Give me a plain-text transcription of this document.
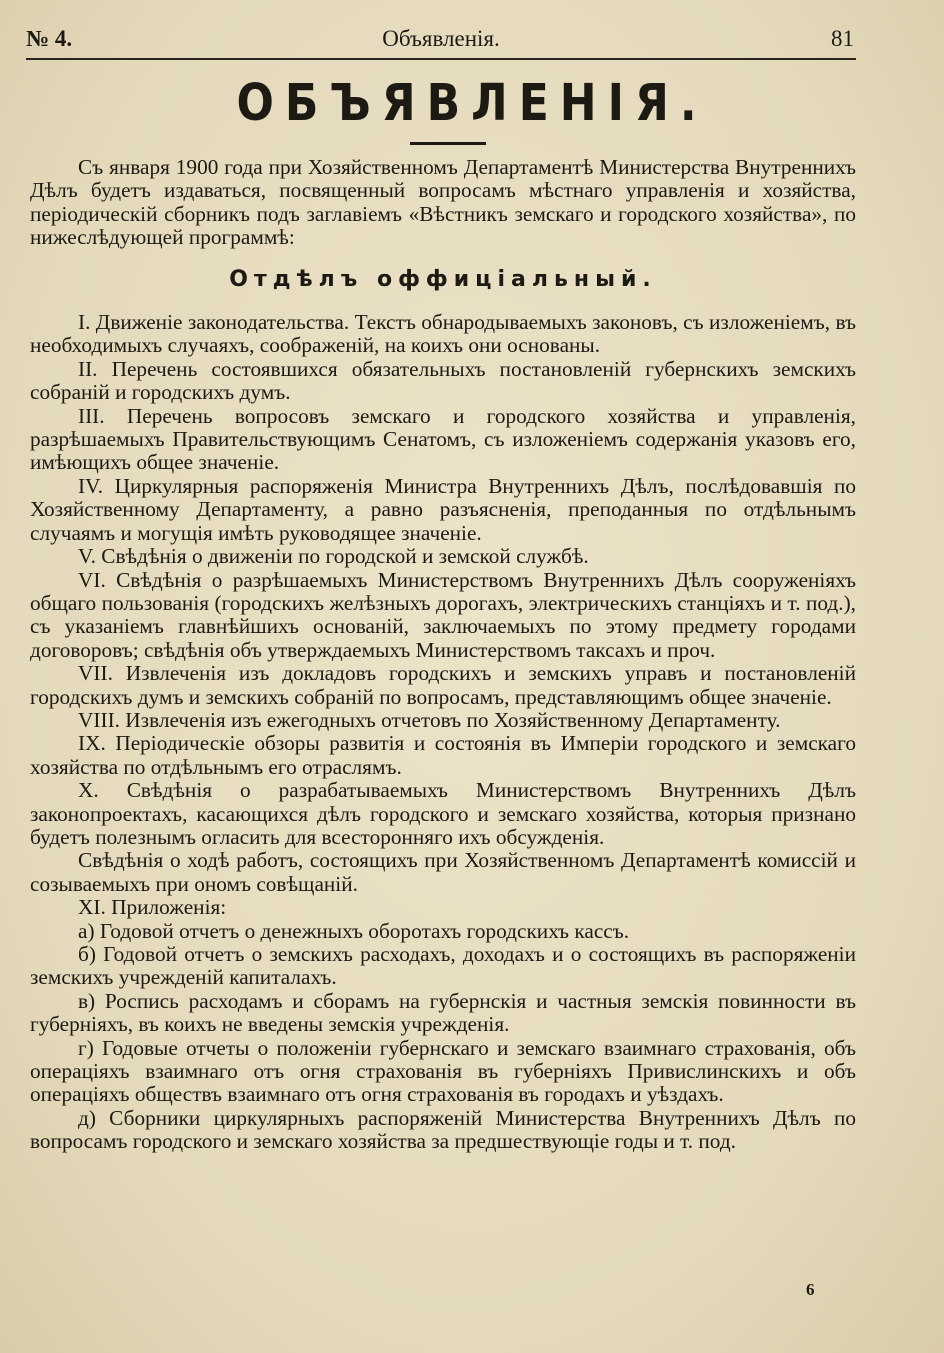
№ 4.	Объявленія.	81
ОБЪЯВЛЕНІЯ.

Съ января 1900 года при Хозяйственномъ Департаментѣ Министерства Внутреннихъ Дѣлъ будетъ издаваться, посвященный вопросамъ мѣстнаго управленія и хозяйства, періодическій сборникъ подъ заглавіемъ «Вѣстникъ земскаго и городского хозяйства», по нижеслѣдующей программѣ:

Отдѣлъ оффиціальный.

I. Движеніе законодательства. Текстъ обнародываемыхъ законовъ, съ изложеніемъ, въ необходимыхъ случаяхъ, соображеній, на коихъ они основаны.

II. Перечень состоявшихся обязательныхъ постановленій губернскихъ земскихъ собраній и городскихъ думъ.

III. Перечень вопросовъ земскаго и городского хозяйства и управленія, разрѣшаемыхъ Правительствующимъ Сенатомъ, съ изложеніемъ содержанія указовъ его, имѣющихъ общее значеніе.

IV. Циркулярныя распоряженія Министра Внутреннихъ Дѣлъ, послѣдовавшія по Хозяйственному Департаменту, а равно разъясненія, преподанныя по отдѣльнымъ случаямъ и могущія имѣть руководящее значеніе.

V. Свѣдѣнія о движеніи по городской и земской службѣ.

VI. Свѣдѣнія о разрѣшаемыхъ Министерствомъ Внутреннихъ Дѣлъ сооруженіяхъ общаго пользованія (городскихъ желѣзныхъ дорогахъ, электрическихъ станціяхъ и т. под.), съ указаніемъ главнѣйшихъ основаній, заключаемыхъ по этому предмету городами договоровъ; свѣдѣнія объ утверждаемыхъ Министерствомъ таксахъ и проч.

VII. Извлеченія изъ докладовъ городскихъ и земскихъ управъ и постановленій городскихъ думъ и земскихъ собраній по вопросамъ, представляющимъ общее значеніе.

VIII. Извлеченія изъ ежегодныхъ отчетовъ по Хозяйственному Департаменту.

IX. Періодическіе обзоры развитія и состоянія въ Имперіи городского и земскаго хозяйства по отдѣльнымъ его отраслямъ.

X. Свѣдѣнія о разрабатываемыхъ Министерствомъ Внутреннихъ Дѣлъ законопроектахъ, касающихся дѣлъ городского и земскаго хозяйства, которыя признано будетъ полезнымъ огласить для всесторонняго ихъ обсужденія.

Свѣдѣнія о ходѣ работъ, состоящихъ при Хозяйственномъ Департаментѣ комиссій и созываемыхъ при ономъ совѣщаній.

XI. Приложенія:

а) Годовой отчетъ о денежныхъ оборотахъ городскихъ кассъ.

б) Годовой отчетъ о земскихъ расходахъ, доходахъ и о состоящихъ въ распоряженіи земскихъ учрежденій капиталахъ.

в) Роспись расходамъ и сборамъ на губернскія и частныя земскія повинности въ губерніяхъ, въ коихъ не введены земскія учрежденія.

г) Годовые отчеты о положеніи губернскаго и земскаго взаимнаго страхованія, объ операціяхъ взаимнаго отъ огня страхованія въ губерніяхъ Привислинскихъ и объ операціяхъ обществъ взаимнаго отъ огня страхованія въ городахъ и уѣздахъ.

д) Сборники циркулярныхъ распоряженій Министерства Внутреннихъ Дѣлъ по вопросамъ городского и земскаго хозяйства за предшествующіе годы и т. под.

6
